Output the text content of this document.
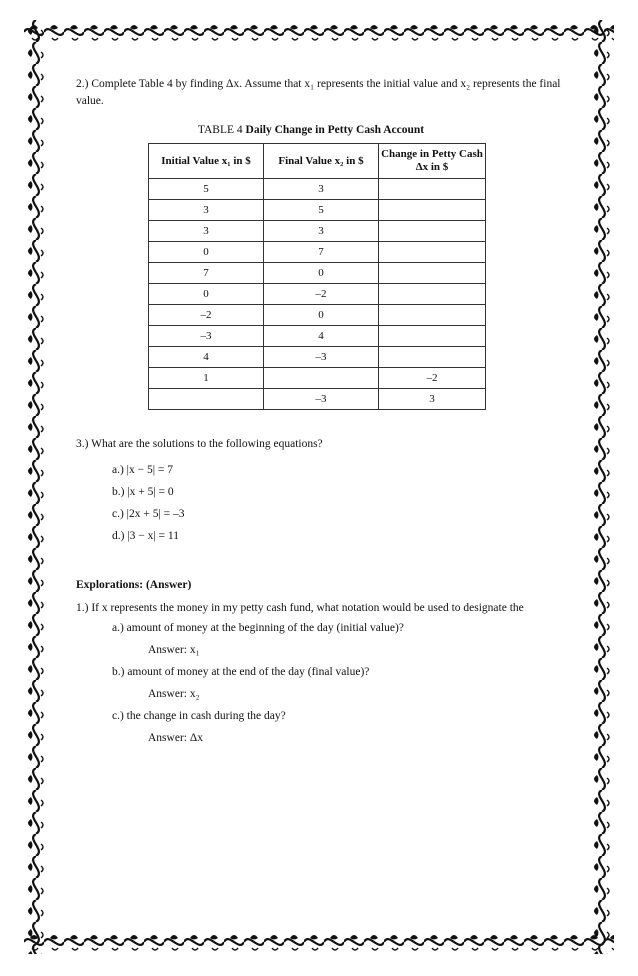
2.) Complete Table 4 by finding Δx. Assume that x₁ represents the initial value and x₂ represents the final value.

TABLE 4 Daily Change in Petty Cash Account
Initial Value x₁ in $	Final Value x₂ in $	Change in Petty Cash Δx in $
5	3	
3	5	
3	3	
0	7	
7	0	
0	–2	
–2	0	
–3	4	
4	–3	
1		–2
	–3	3
3.) What are the solutions to the following equations?
a.) |x − 5| = 7
b.) |x + 5| = 0
c.) |2x + 5| = –3
d.) |3 − x| = 11
Explorations: (Answer)
1.) If x represents the money in my petty cash fund, what notation would be used to designate the
a.) amount of money at the beginning of the day (initial value)?
Answer: x₁
b.) amount of money at the end of the day (final value)?
Answer: x₂
c.) the change in cash during the day?
Answer: Δx
